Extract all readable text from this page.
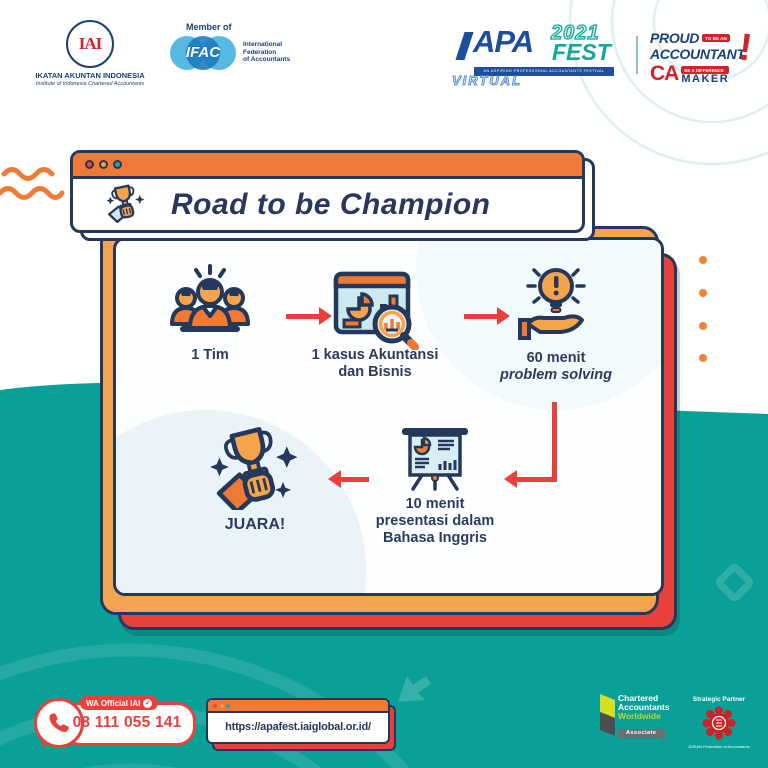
IAI
IKATAN AKUNTAN INDONESIA
Institute of Indonesia Chartered Accountants
Member of
IFAC	International
Federation
of Accountants
APA 2021
FEST
AN ASPIRING PROFESSIONAL ACCOUNTANTS FESTIVAL
VIRTUAL
PROUD	TO BE AN
ACCOUNTANT
!
CA	BE A DIFFERENCE
MAKER
Road to be Champion
1 Tim	1 kasus Akuntansi
dan Bisnis
60 menit
problem solving
10 menit
presentasi dalam
Bahasa Inggris
JUARA!
WA Official IAI ✓
08 111 055 141	https://apafest.iaiglobal.or.id/
Chartered
Accountants
Worldwide
Associate
Strategic Partner
ASEAN Federation of Accountants
